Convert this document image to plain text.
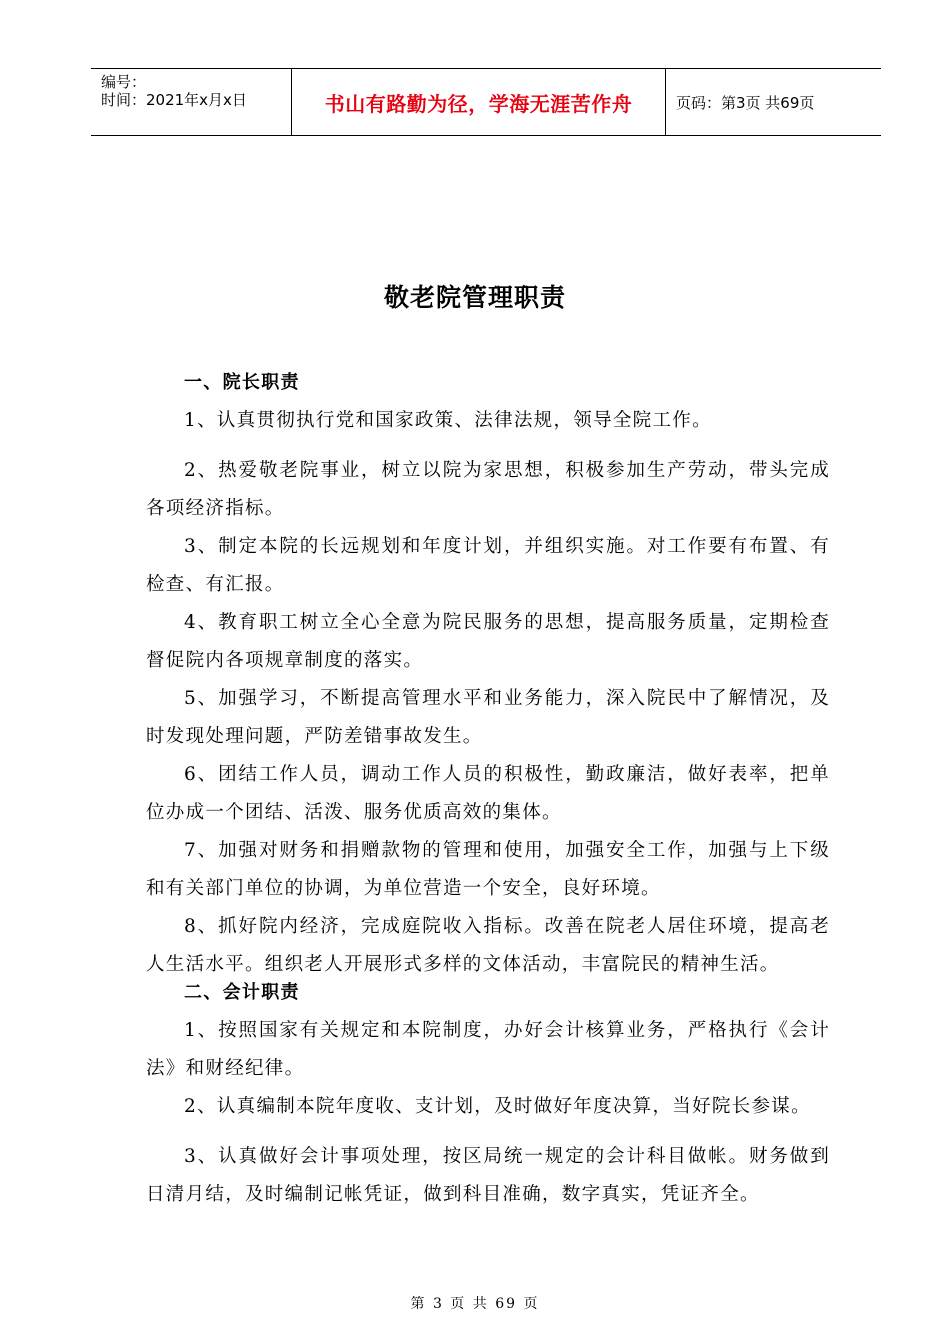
编号：
时间：2021年x月x日	书山有路勤为径，学海无涯苦作舟	页码：第3页 共69页
敬老院管理职责
一、院长职责

1、认真贯彻执行党和国家政策、法律法规，领导全院工作。

2、热爱敬老院事业，树立以院为家思想，积极参加生产劳动，带头完成各项经济指标。

3、制定本院的长远规划和年度计划，并组织实施。对工作要有布置、有检查、有汇报。

4、教育职工树立全心全意为院民服务的思想，提高服务质量，定期检查督促院内各项规章制度的落实。

5、加强学习，不断提高管理水平和业务能力，深入院民中了解情况，及时发现处理问题，严防差错事故发生。

6、团结工作人员，调动工作人员的积极性，勤政廉洁，做好表率，把单位办成一个团结、活泼、服务优质高效的集体。

7、加强对财务和捐赠款物的管理和使用，加强安全工作，加强与上下级和有关部门单位的协调，为单位营造一个安全，良好环境。

8、抓好院内经济，完成庭院收入指标。改善在院老人居住环境，提高老人生活水平。组织老人开展形式多样的文体活动，丰富院民的精神生活。

二、会计职责

1、按照国家有关规定和本院制度，办好会计核算业务，严格执行《会计法》和财经纪律。

2、认真编制本院年度收、支计划，及时做好年度决算，当好院长参谋。

3、认真做好会计事项处理，按区局统一规定的会计科目做帐。财务做到日清月结，及时编制记帐凭证，做到科目准确，数字真实，凭证齐全。

第 3 页 共 69 页
